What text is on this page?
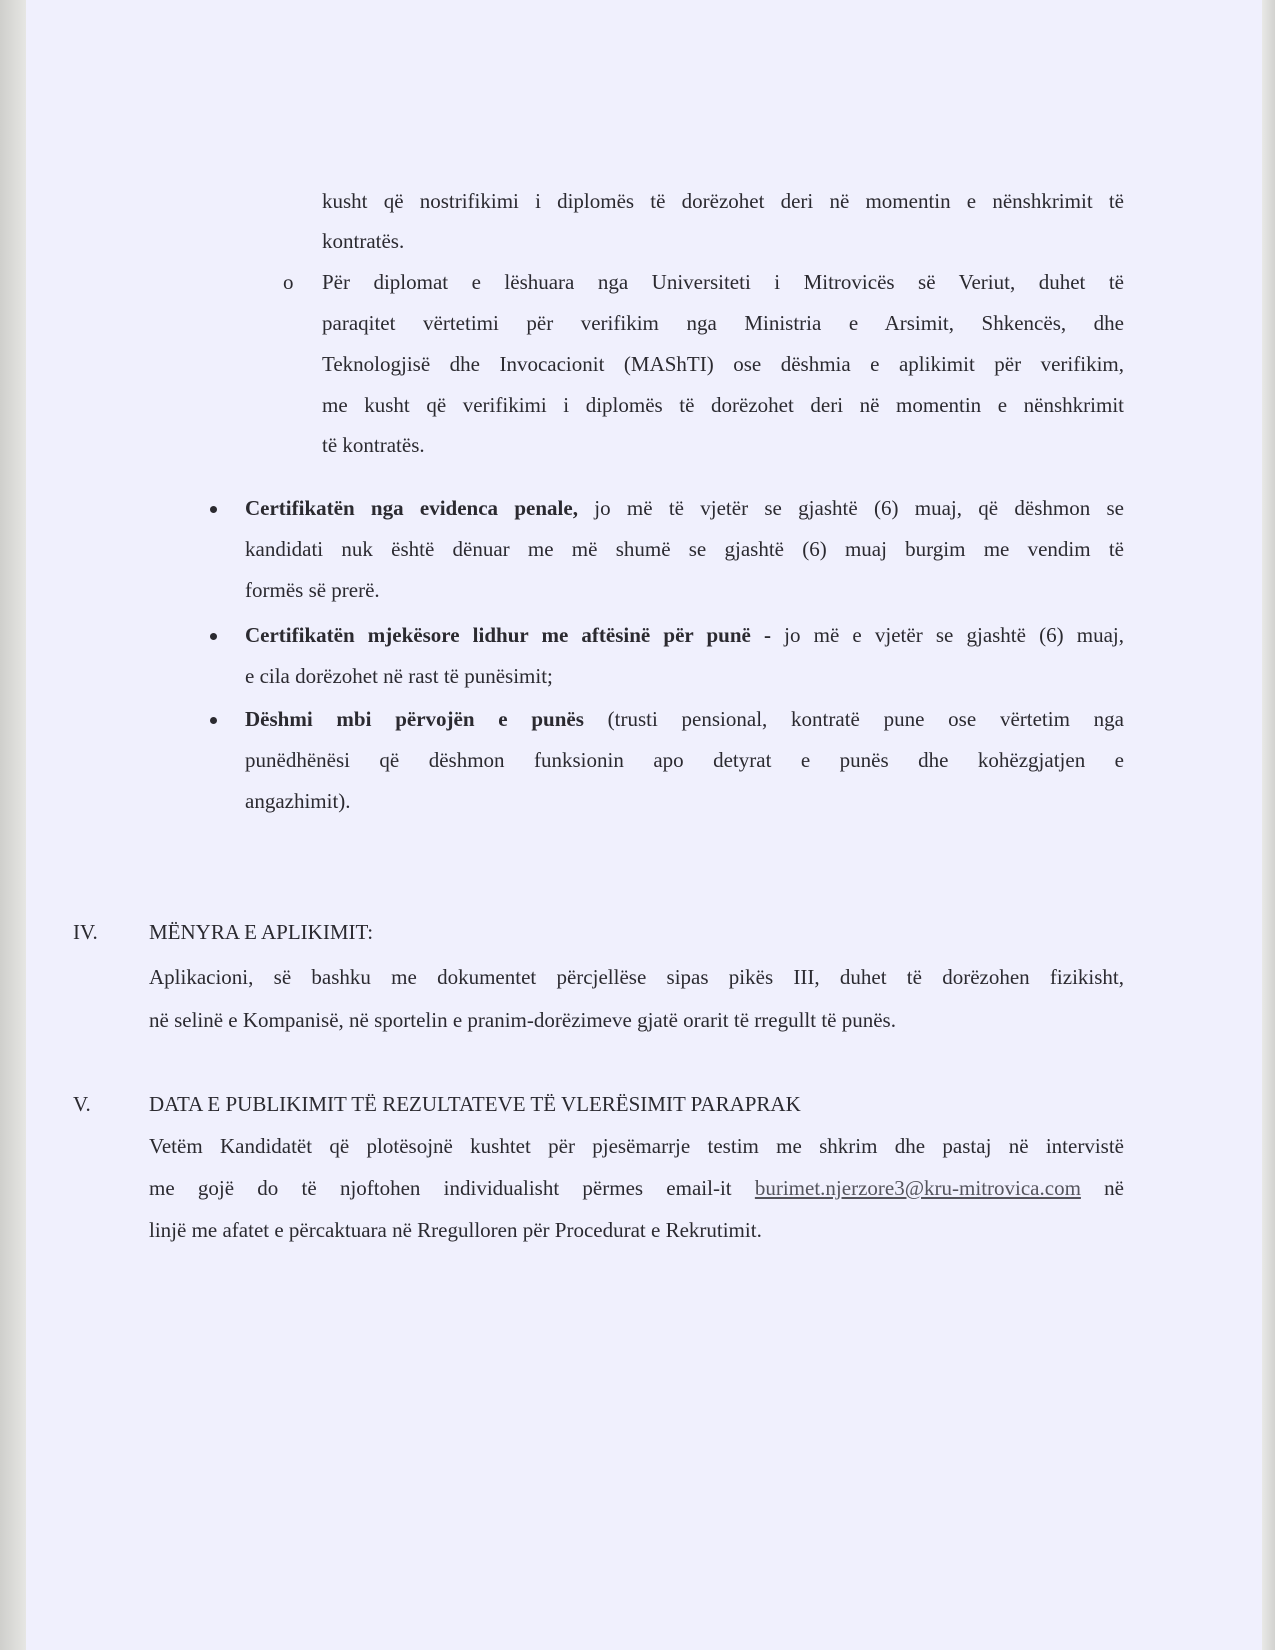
kusht që nostrifikimi i diplomës të dorëzohet deri në momentin e nënshkrimit të
kontratës.
o Për diplomat e lëshuara nga Universiteti i Mitrovicës së Veriut, duhet të
paraqitet vërtetimi për verifikim nga Ministria e Arsimit, Shkencës, dhe
Teknologjisë dhe Invocacionit (MAShTI) ose dëshmia e aplikimit për verifikim,
me kusht që verifikimi i diplomës të dorëzohet deri në momentin e nënshkrimit
të kontratës.
Certifikatën nga evidenca penale, jo më të vjetër se gjashtë (6) muaj, që dëshmon se
kandidati nuk është dënuar me më shumë se gjashtë (6) muaj burgim me vendim të
formës së prerë.
Certifikatën mjekësore lidhur me aftësinë për punë - jo më e vjetër se gjashtë (6) muaj,
e cila dorëzohet në rast të punësimit;
Dëshmi mbi përvojën e punës (trusti pensional, kontratë pune ose vërtetim nga
punëdhënësi që dëshmon funksionin apo detyrat e punës dhe kohëzgjatjen e
angazhimit).
IV. MËNYRA E APLIKIMIT:
Aplikacioni, së bashku me dokumentet përcjellëse sipas pikës III, duhet të dorëzohen fizikisht,
në selinë e Kompanisë, në sportelin e pranim-dorëzimeve gjatë orarit të rregullt të punës.
V.	DATA E PUBLIKIMIT TË REZULTATEVE TË VLERËSIMIT PARAPRAK
Vetëm Kandidatët që plotësojnë kushtet për pjesëmarrje testim me shkrim dhe pastaj në intervistë
me gojë do të njoftohen individualisht përmes email-it burimet.njerzore3@kru-mitrovica.com në
linjë me afatet e përcaktuara në Rregulloren për Procedurat e Rekrutimit.
